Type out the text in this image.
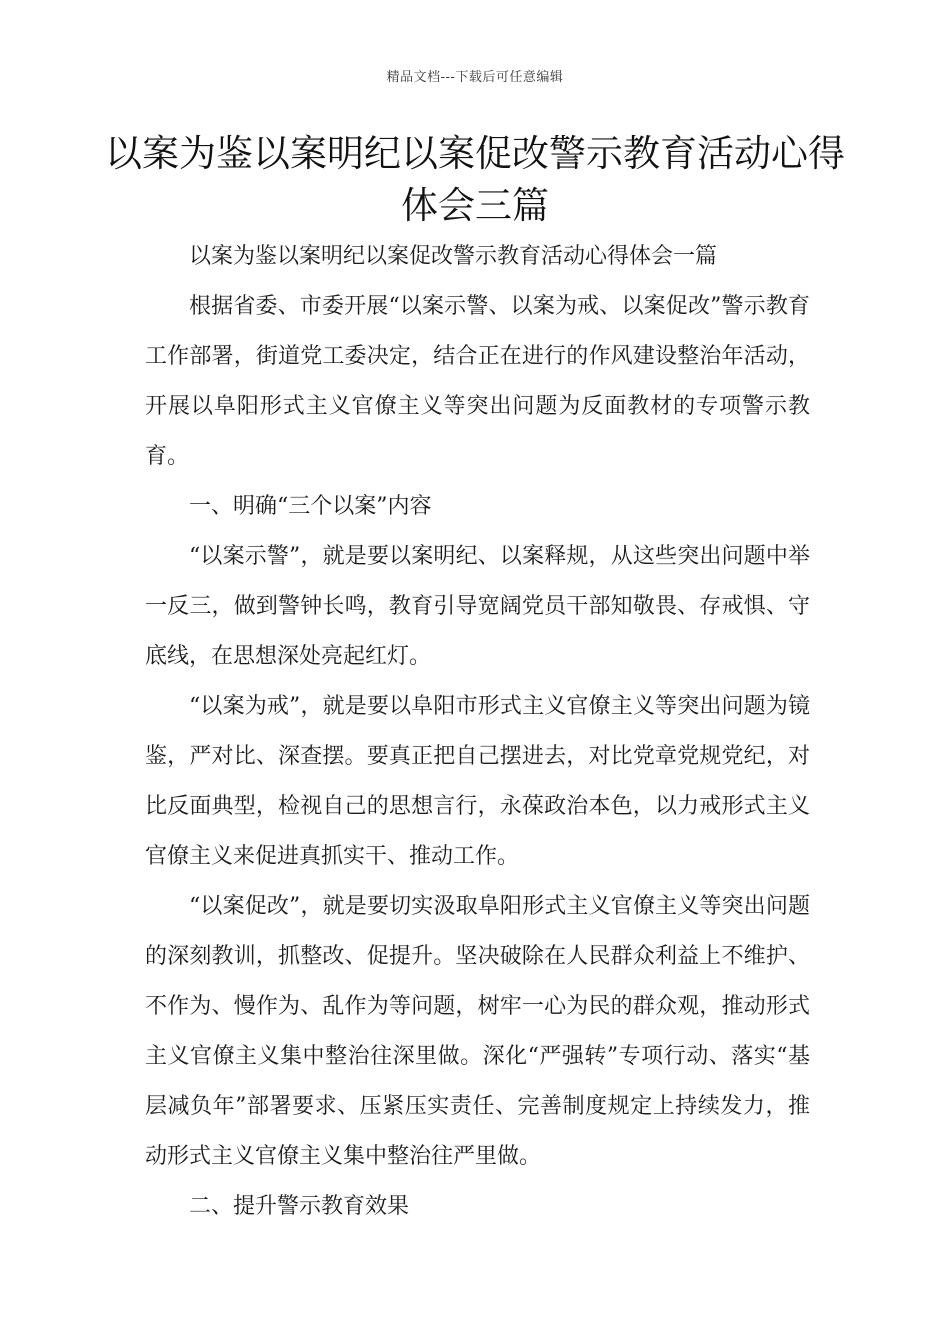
精品文档---下载后可任意编辑
以案为鉴以案明纪以案促改警示教育活动心得体会三篇

以案为鉴以案明纪以案促改警示教育活动心得体会一篇

根据省委、市委开展“以案示警、以案为戒、以案促改”警示教育工作部署，街道党工委决定，结合正在进行的作风建设整治年活动，开展以阜阳形式主义官僚主义等突出问题为反面教材的专项警示教育。

一、明确“三个以案”内容

“以案示警”，就是要以案明纪、以案释规，从这些突出问题中举一反三，做到警钟长鸣，教育引导宽阔党员干部知敬畏、存戒惧、守底线，在思想深处亮起红灯。

“以案为戒”，就是要以阜阳市形式主义官僚主义等突出问题为镜鉴，严对比、深查摆。要真正把自己摆进去，对比党章党规党纪，对比反面典型，检视自己的思想言行，永葆政治本色，以力戒形式主义官僚主义来促进真抓实干、推动工作。

“以案促改”，就是要切实汲取阜阳形式主义官僚主义等突出问题的深刻教训，抓整改、促提升。坚决破除在人民群众利益上不维护、不作为、慢作为、乱作为等问题，树牢一心为民的群众观，推动形式主义官僚主义集中整治往深里做。深化“严强转”专项行动、落实“基层减负年”部署要求、压紧压实责任、完善制度规定上持续发力，推动形式主义官僚主义集中整治往严里做。

二、提升警示教育效果
